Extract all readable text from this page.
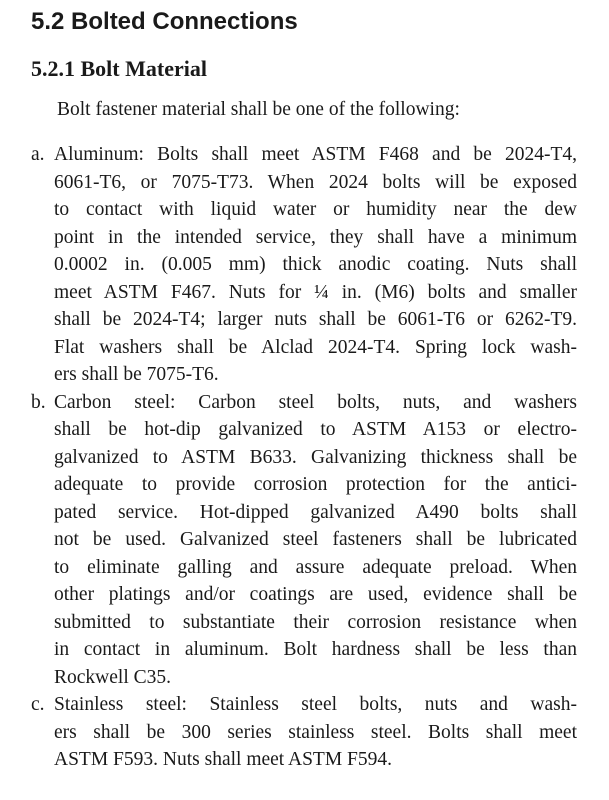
5.2 Bolted Connections
5.2.1 Bolt Material

Bolt fastener material shall be one of the following:

a. Aluminum: Bolts shall meet ASTM F468 and be 2024-T4,
6061-T6, or 7075-T73. When 2024 bolts will be exposed
to contact with liquid water or humidity near the dew
point in the intended service, they shall have a minimum
0.0002 in. (0.005 mm) thick anodic coating. Nuts shall
meet ASTM F467. Nuts for ¼ in. (M6) bolts and smaller
shall be 2024-T4; larger nuts shall be 6061-T6 or 6262-T9.
Flat washers shall be Alclad 2024-T4. Spring lock wash-
ers shall be 7075-T6.
b. Carbon steel: Carbon steel bolts, nuts, and washers
shall be hot-dip galvanized to ASTM A153 or electro-
galvanized to ASTM B633. Galvanizing thickness shall be
adequate to provide corrosion protection for the antici-
pated service. Hot-dipped galvanized A490 bolts shall
not be used. Galvanized steel fasteners shall be lubricated
to eliminate galling and assure adequate preload. When
other platings and/or coatings are used, evidence shall be
submitted to substantiate their corrosion resistance when
in contact in aluminum. Bolt hardness shall be less than
Rockwell C35.
c. Stainless steel: Stainless steel bolts, nuts and wash-
ers shall be 300 series stainless steel. Bolts shall meet
ASTM F593. Nuts shall meet ASTM F594.
